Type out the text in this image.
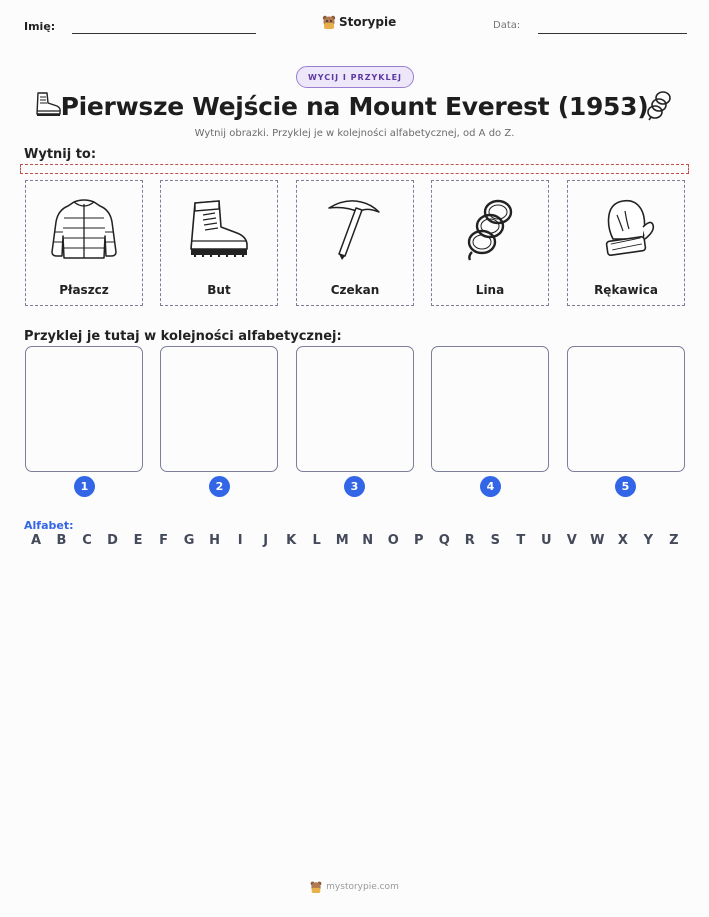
Imię:	Storypie	Data:
WYCIJ I PRZYKLEJ
Pierwsze Wejście na Mount Everest (1953)
Wytnij obrazki. Przyklej je w kolejności alfabetycznej, od A do Z.
Wytnij to:
Płaszcz	But	Czekan	Lina	Rękawica
Przyklej je tutaj w kolejności alfabetycznej:
1	2	3	4	5
Alfabet:
A	B	C	D	E	F	G	H	I	J	K	L	M	N	O	P	Q	R	S	T	U	V	W	X	Y	Z
mystorypie.com
